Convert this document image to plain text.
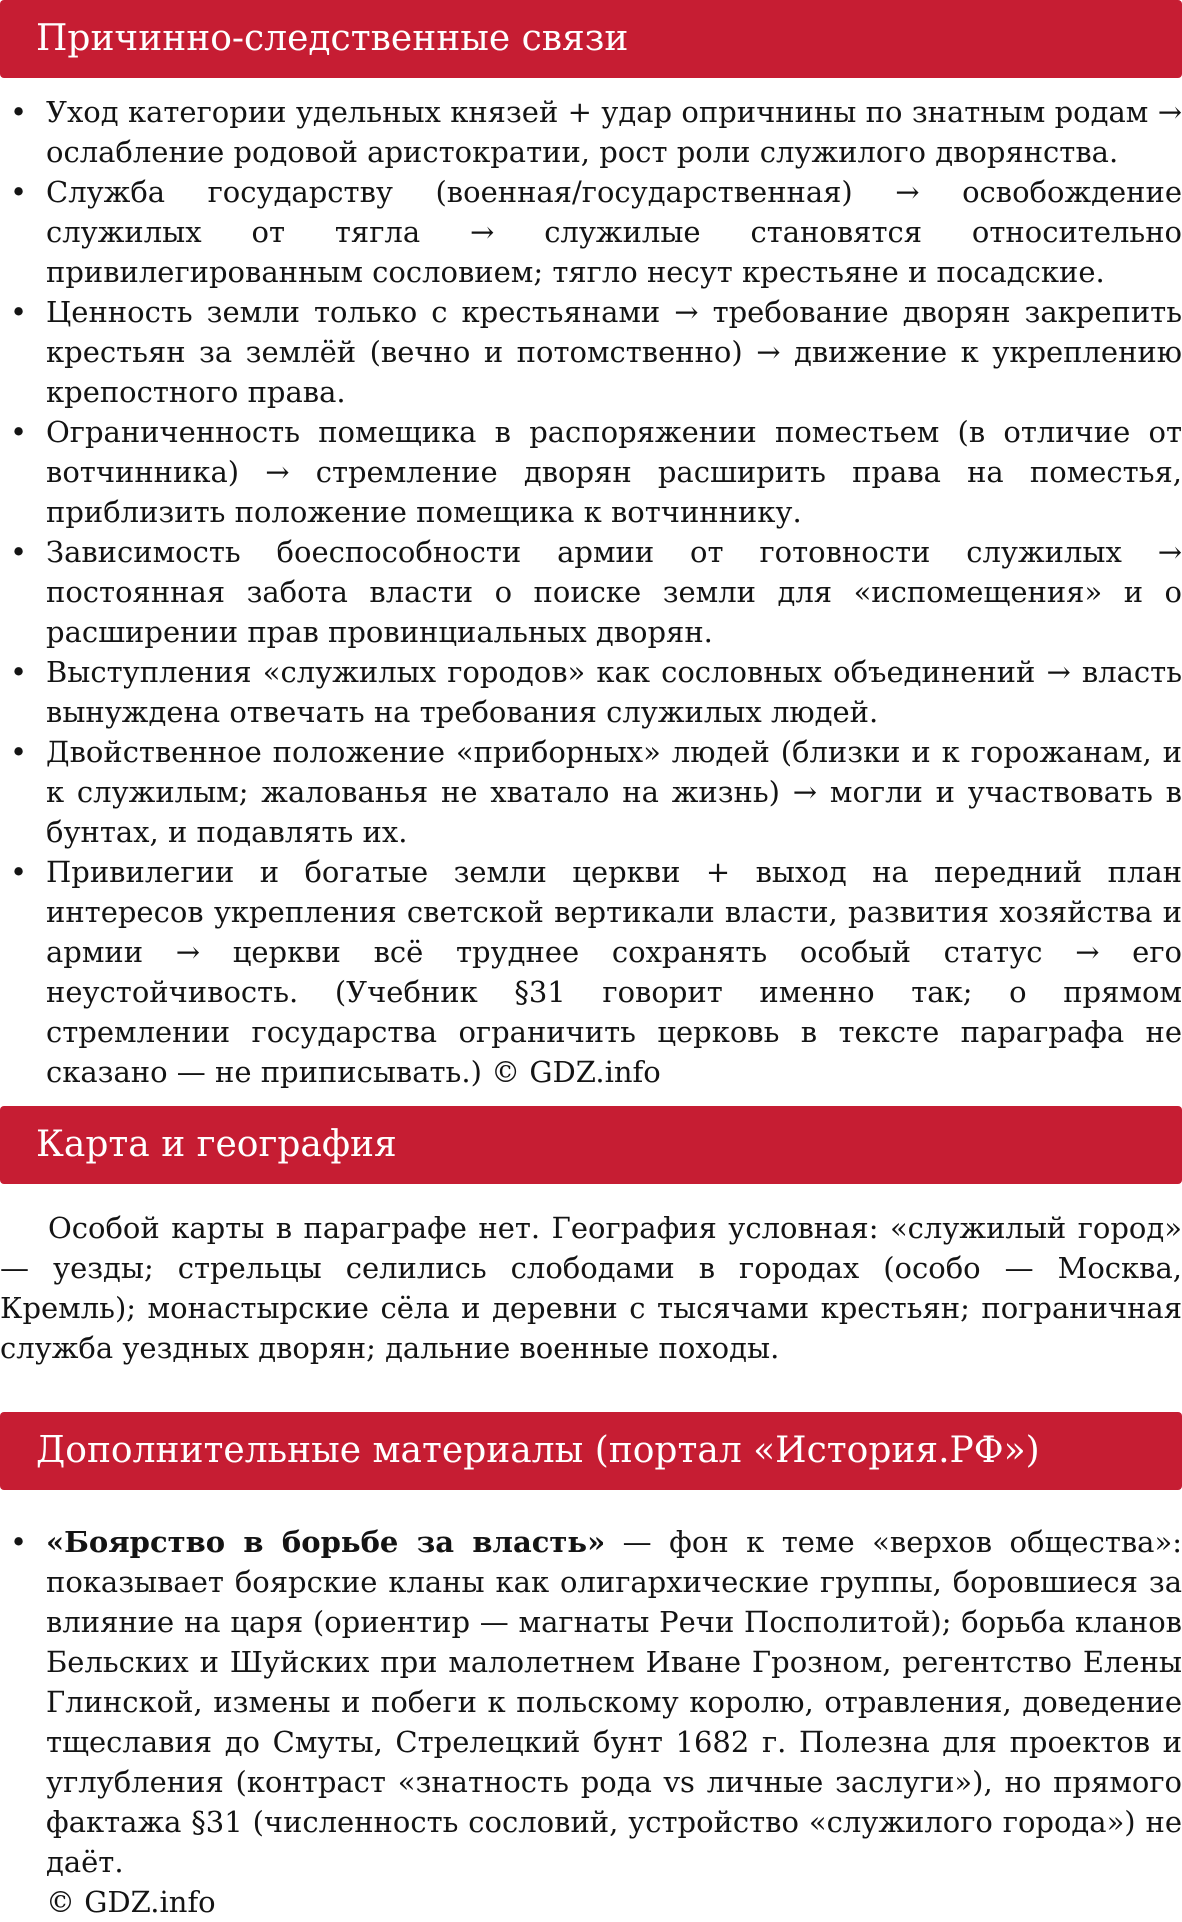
Причинно-следственные связи
• Уход категории удельных князей + удар опричнины по знатным родам → ослабление родовой аристократии, рост роли служилого дворянства.
• Служба государству (военная/государственная) → освобождение служилых от тягла → служилые становятся относительно привилегированным сословием; тягло несут крестьяне и посадские.
• Ценность земли только с крестьянами → требование дворян закрепить крестьян за землёй (вечно и потомственно) → движение к укреплению крепостного права.
• Ограниченность помещика в распоряжении поместьем (в отличие от вотчинника) → стремление дворян расширить права на поместья, приблизить положение помещика к вотчиннику.
• Зависимость боеспособности армии от готовности служилых → постоянная забота власти о поиске земли для «испомещения» и о расширении прав провинциальных дворян.
• Выступления «служилых городов» как сословных объединений → власть вынуждена отвечать на требования служилых людей.
• Двойственное положение «приборных» людей (близки и к горожанам, и к служилым; жалованья не хватало на жизнь) → могли и участвовать в бунтах, и подавлять их.
• Привилегии и богатые земли церкви + выход на передний план интересов укрепления светской вертикали власти, развития хозяйства и армии → церкви всё труднее сохранять особый статус → его неустойчивость. (Учебник §31 говорит именно так; о прямом стремлении государства ограничить церковь в тексте параграфа не сказано — не приписывать.) © GDZ.info
Карта и география

Особой карты в параграфе нет. География условная: «служилый город» — уезды; стрельцы селились слободами в городах (особо — Москва, Кремль); монастырские сёла и деревни с тысячами крестьян; пограничная служба уездных дворян; дальние военные походы.

Дополнительные материалы (портал «История.РФ»)
• «Боярство в борьбе за власть» — фон к теме «верхов общества»: показывает боярские кланы как олигархические группы, боровшиеся за влияние на царя (ориентир — магнаты Речи Посполитой); борьба кланов Бельских и Шуйских при малолетнем Иване Грозном, регентство Елены Глинской, измены и побеги к польскому королю, отравления, доведение тщеславия до Смуты, Стрелецкий бунт 1682 г. Полезна для проектов и углубления (контраст «знатность рода vs личные заслуги»), но прямого фактажа §31 (численность сословий, устройство «служилого города») не даёт.
© GDZ.info
